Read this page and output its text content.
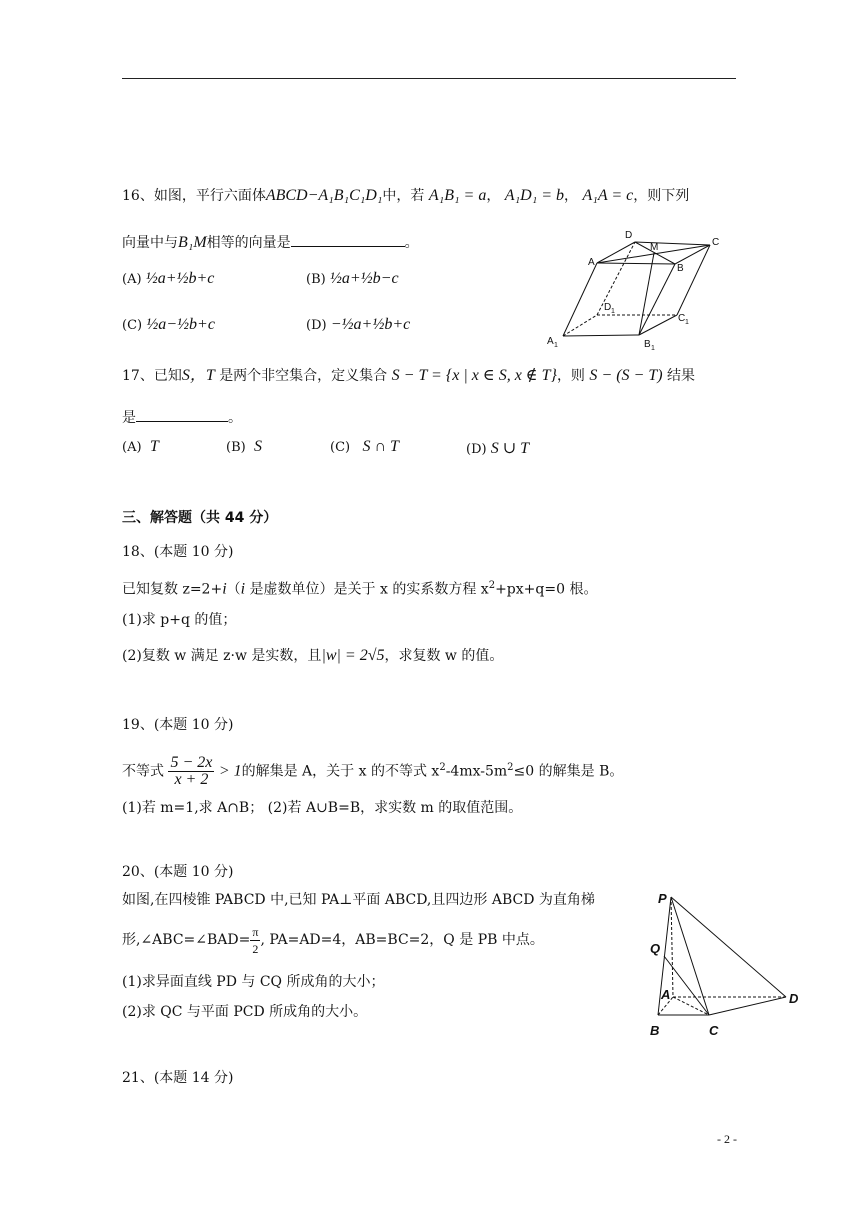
16、如图，平行六面体ABCD−A₁B₁C₁D₁中，若 A₁B₁ = a， A₁D₁ = b， A₁A = c，则下列
向量中与B₁M相等的向量是	。
(A) ½a+½b+c	(B) ½a+½b−c
(C) ½a−½b+c	(D) −½a+½b+c
D
M	C
A
B
D 1
C 1
A 1	B 1
17、已知S，T 是两个非空集合，定义集合 S − T = {x | x ∈ S, x ∉ T}，则 S − (S − T) 结果
是	。
(A) T	(B) S	(C) S ∩ T	(D) S ∪ T
三、解答题（共 44 分）
18、(本题 10 分)
已知复数 z=2+i（i 是虚数单位）是关于 x 的实系数方程 $x^2+px+q=0$ 根。
(1)求 p+q 的值；
(2)复数 w 满足 z·w 是实数，且|w| = 2√5，求复数 w 的值。
19、(本题 10 分)
不等式 $\frac{5 - 2x}{x + 2} > 1$的解集是 A，关于 x 的不等式 $x^2-4mx-5m^2\le 0$ 的解集是 B。
(1)若 m=1,求 A∩B； (2)若 A∪B=B，求实数 m 的取值范围。
20、(本题 10 分)
如图,在四棱锥 PABCD 中,已知 PA⊥平面 ABCD,且四边形 ABCD 为直角梯
形,∠ABC=∠BAD= $\frac{\pi}{2}$ , PA=AD=4，AB=BC=2，Q 是 PB 中点。
(1)求异面直线 PD 与 CQ 所成角的大小；
(2)求 QC 与平面 PCD 所成角的大小。
P
Q
A	D
B	C
21、(本题 14 分)
- 2 -
